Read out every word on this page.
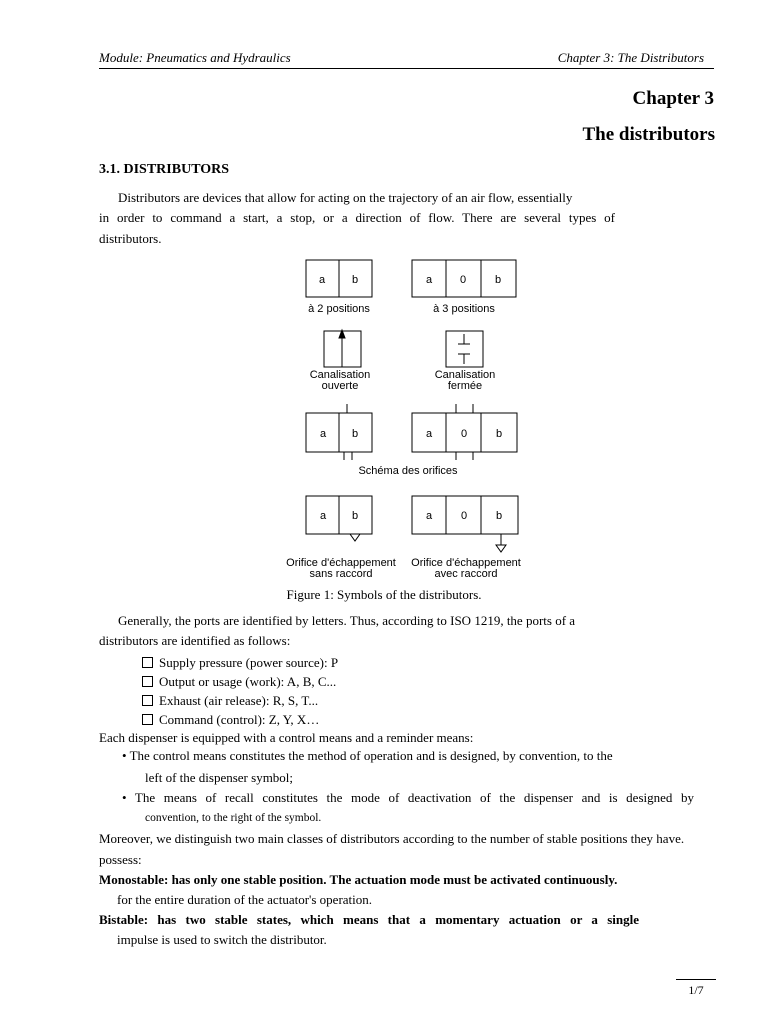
Module: Pneumatics and Hydraulics	Chapter 3: The Distributors
Chapter 3
The distributors
3.1. DISTRIBUTORS
Distributors are devices that allow for acting on the trajectory of an air flow, essentially
in order to command a start, a stop, or a direction of flow. There are several types of
distributors.
a b
à 2 positions
a	0	b
à 3 positions
Canalisation
ouverte
Canalisation
fermée
a b	a	0	b
Schéma des orifices
a b	a	0	b
Orifice d'échappement
sans raccord
Orifice d'échappement
avec raccord
Figure 1: Symbols of the distributors.
Generally, the ports are identified by letters. Thus, according to ISO 1219, the ports of a
distributors are identified as follows:
Supply pressure (power source): P
Output or usage (work): A, B, C...
Exhaust (air release): R, S, T...
Command (control): Z, Y, X…
Each dispenser is equipped with a control means and a reminder means:
• The control means constitutes the method of operation and is designed, by convention, to the
left of the dispenser symbol;
• The means of recall constitutes the mode of deactivation of the dispenser and is designed by
convention, to the right of the symbol.
Moreover, we distinguish two main classes of distributors according to the number of stable positions they have.
possess:
Monostable: has only one stable position. The actuation mode must be activated continuously.
for the entire duration of the actuator's operation.
Bistable: has two stable states, which means that a momentary actuation or a single
impulse is used to switch the distributor.
1/7
